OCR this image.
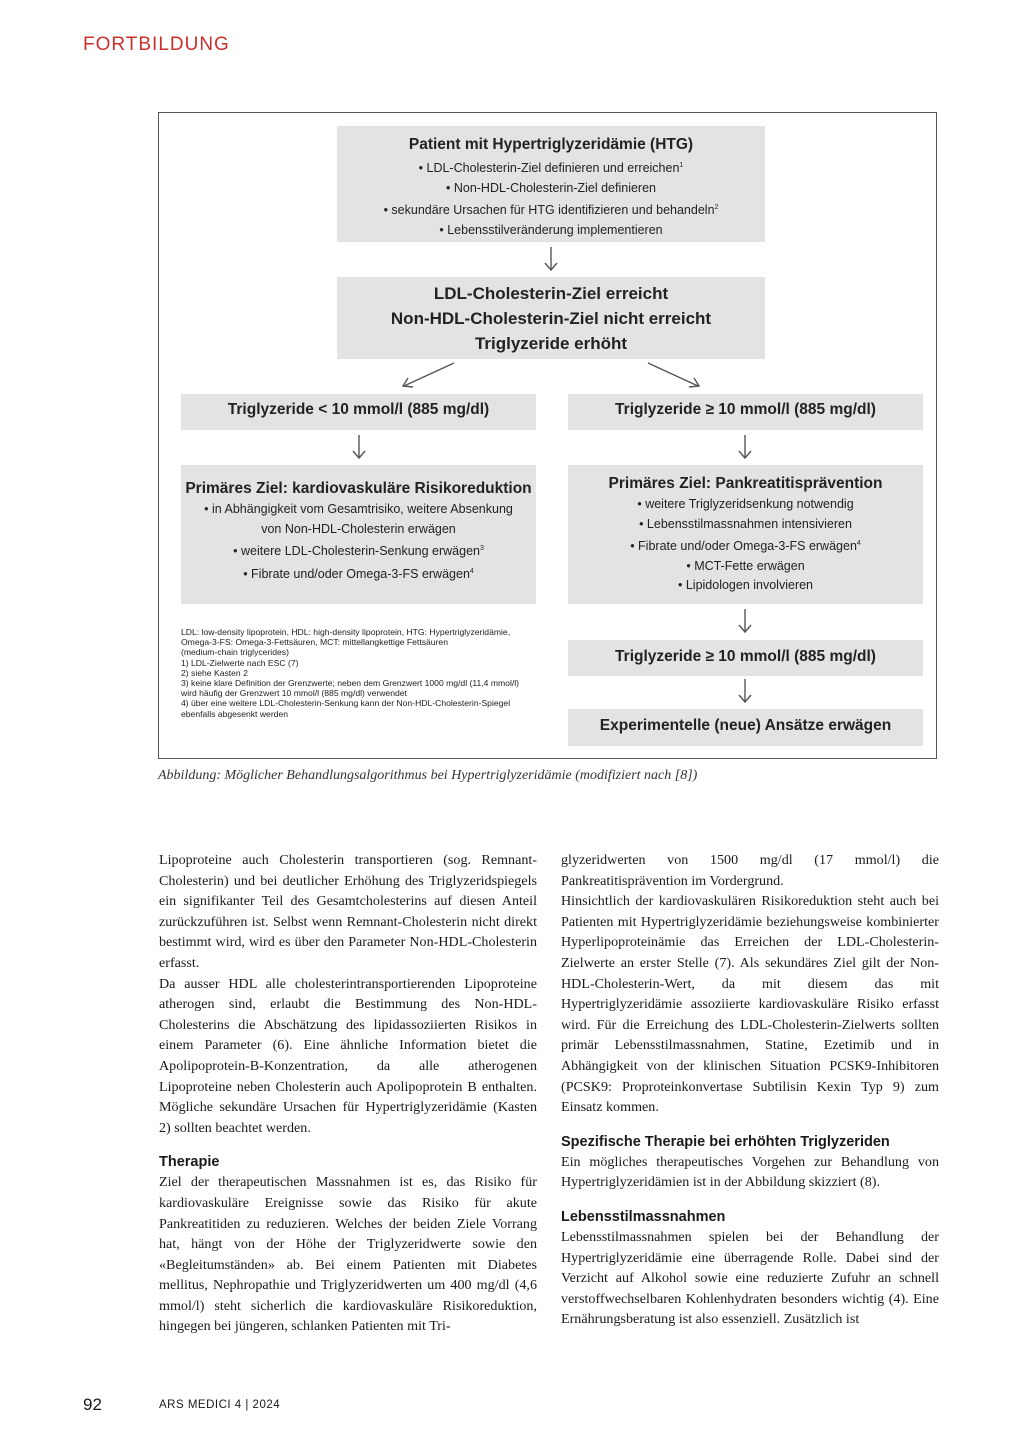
FORTBILDUNG
Patient mit Hypertriglyzeridämie (HTG)
• LDL-Cholesterin-Ziel definieren und erreichen$^1$
• Non-HDL-Cholesterin-Ziel definieren
• sekundäre Ursachen für HTG identifizieren und behandeln$^2$
• Lebensstilveränderung implementieren
LDL-Cholesterin-Ziel erreicht
Non-HDL-Cholesterin-Ziel nicht erreicht
Triglyzeride erhöht
Triglyzeride < 10 mmol/l (885 mg/dl)	Triglyzeride ≥ 10 mmol/l (885 mg/dl)
Primäres Ziel: kardiovaskuläre Risikoreduktion
• in Abhängigkeit vom Gesamtrisiko, weitere Absenkung
von Non-HDL-Cholesterin erwägen
• weitere LDL-Cholesterin-Senkung erwägen$^3$
• Fibrate und/oder Omega-3-FS erwägen$^4$
Primäres Ziel: Pankreatitisprävention
• weitere Triglyzeridsenkung notwendig
• Lebensstilmassnahmen intensivieren
• Fibrate und/oder Omega-3-FS erwägen$^4$
• MCT-Fette erwägen
• Lipidologen involvieren
Triglyzeride ≥ 10 mmol/l (885 mg/dl)
Experimentelle (neue) Ansätze erwägen
LDL: low-density lipoprotein, HDL: high-density lipoprotein, HTG: Hypertriglyzeridämie,
Omega-3-FS: Omega-3-Fettsäuren, MCT: mittellangkettige Fettsäuren
(medium-chain triglycerides)
1) LDL-Zielwerte nach ESC (7)
2) siehe Kasten 2
3) keine klare Definition der Grenzwerte; neben dem Grenzwert 1000 mg/dl (11,4 mmol/l)
wird häufig der Grenzwert 10 mmol/l (885 mg/dl) verwendet
4) über eine weitere LDL-Cholesterin-Senkung kann der Non-HDL-Cholesterin-Spiegel
ebenfalls abgesenkt werden
Abbildung: Möglicher Behandlungsalgorithmus bei Hypertriglyzeridämie (modifiziert nach [8])

Lipoproteine auch Cholesterin transportieren (sog. Remnant-Cholesterin) und bei deutlicher Erhöhung des Triglyzeridspiegels ein signifikanter Teil des Gesamtcholesterins auf diesen Anteil zurückzuführen ist. Selbst wenn Remnant-Cholesterin nicht direkt bestimmt wird, wird es über den Parameter Non-HDL-Cholesterin erfasst.

Da ausser HDL alle cholesterintransportierenden Lipoproteine atherogen sind, erlaubt die Bestimmung des Non-HDL-Cholesterins die Abschätzung des lipidassoziierten Risikos in einem Parameter (6). Eine ähnliche Information bietet die Apolipoprotein-B-Konzentration, da alle atherogenen Lipoproteine neben Cholesterin auch Apolipoprotein B enthalten. Mögliche sekundäre Ursachen für Hypertriglyzeridämie (Kasten 2) sollten beachtet werden.

Therapie

Ziel der therapeutischen Massnahmen ist es, das Risiko für kardiovaskuläre Ereignisse sowie das Risiko für akute Pankreatitiden zu reduzieren. Welches der beiden Ziele Vorrang hat, hängt von der Höhe der Triglyzeridwerte sowie den «Begleitumständen» ab. Bei einem Patienten mit Diabetes mellitus, Nephropathie und Triglyzeridwerten um 400 mg/dl (4,6 mmol/l) steht sicherlich die kardiovaskuläre Risikoreduktion, hingegen bei jüngeren, schlanken Patienten mit Tri-

glyzeridwerten von 1500 mg/dl (17 mmol/l) die Pankreatitisprävention im Vordergrund.

Hinsichtlich der kardiovaskulären Risikoreduktion steht auch bei Patienten mit Hypertriglyzeridämie beziehungsweise kombinierter Hyperlipoproteinämie das Erreichen der LDL-Cholesterin-Zielwerte an erster Stelle (7). Als sekundäres Ziel gilt der Non-HDL-Cholesterin-Wert, da mit diesem das mit Hypertriglyzeridämie assoziierte kardiovaskuläre Risiko erfasst wird. Für die Erreichung des LDL-Cholesterin-Zielwerts sollten primär Lebensstilmassnahmen, Statine, Ezetimib und in Abhängigkeit von der klinischen Situation PCSK9-Inhibitoren (PCSK9: Proproteinkonvertase Subtilisin Kexin Typ 9) zum Einsatz kommen.

Spezifische Therapie bei erhöhten Triglyzeriden

Ein mögliches therapeutisches Vorgehen zur Behandlung von Hypertriglyzeridämien ist in der Abbildung skizziert (8).

Lebensstilmassnahmen

Lebensstilmassnahmen spielen bei der Behandlung der Hypertriglyzeridämie eine überragende Rolle. Dabei sind der Verzicht auf Alkohol sowie eine reduzierte Zufuhr an schnell verstoffwechselbaren Kohlenhydraten besonders wichtig (4). Eine Ernährungsberatung ist also essenziell. Zusätzlich ist

92	ARS MEDICI 4 | 2024
